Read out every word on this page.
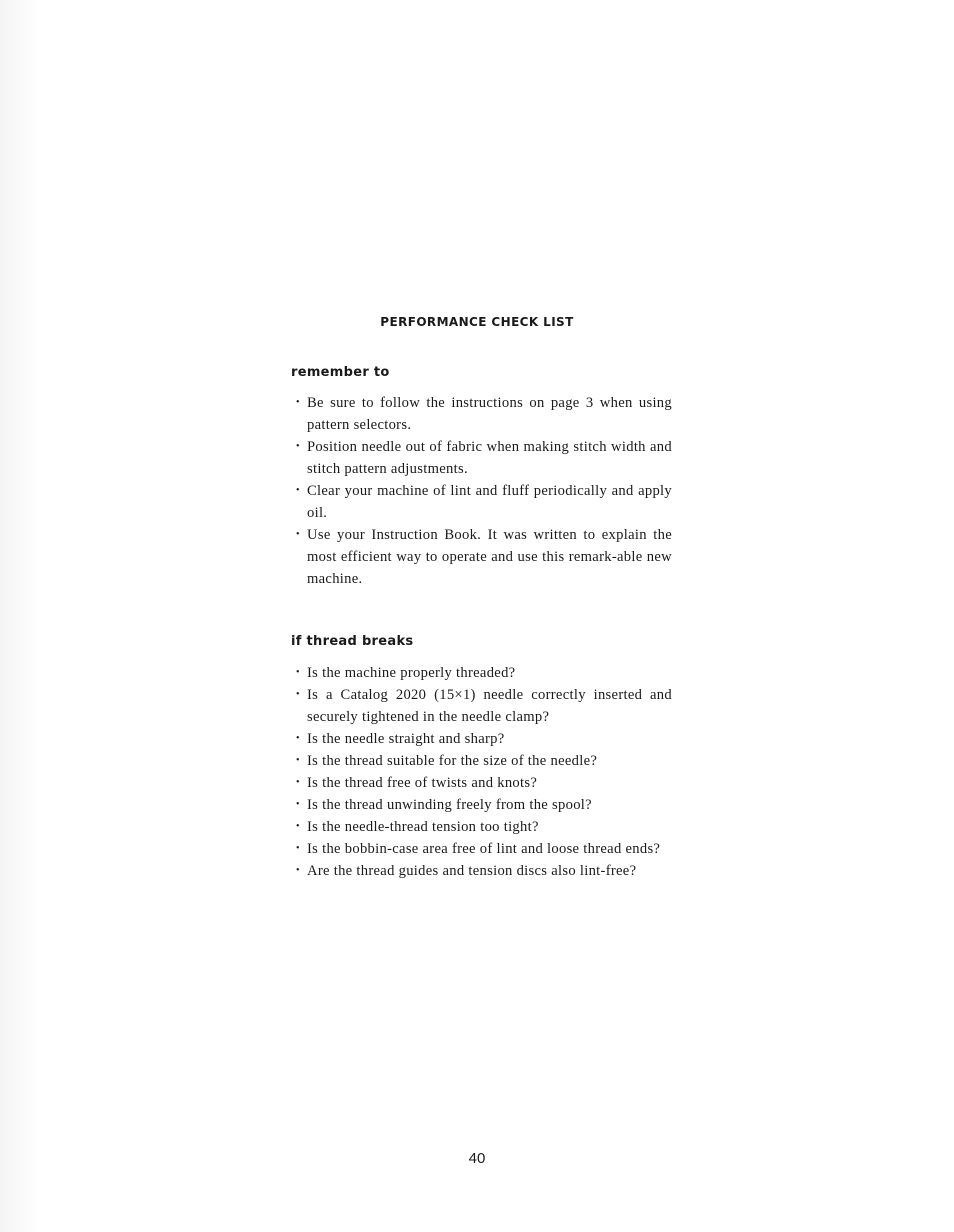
PERFORMANCE CHECK LIST
remember to
• Be sure to follow the instructions on page 3 when using pattern selectors.
• Position needle out of fabric when making stitch width and stitch pattern adjustments.
• Clear your machine of lint and fluff periodically and apply oil.
• Use your Instruction Book. It was written to explain the most efficient way to operate and use this remark-able new machine.
if thread breaks
• Is the machine properly threaded?
• Is a Catalog 2020 (15×1) needle correctly inserted and securely tightened in the needle clamp?
• Is the needle straight and sharp?
• Is the thread suitable for the size of the needle?
• Is the thread free of twists and knots?
• Is the thread unwinding freely from the spool?
• Is the needle-thread tension too tight?
• Is the bobbin-case area free of lint and loose thread ends?
• Are the thread guides and tension discs also lint-free?
40
